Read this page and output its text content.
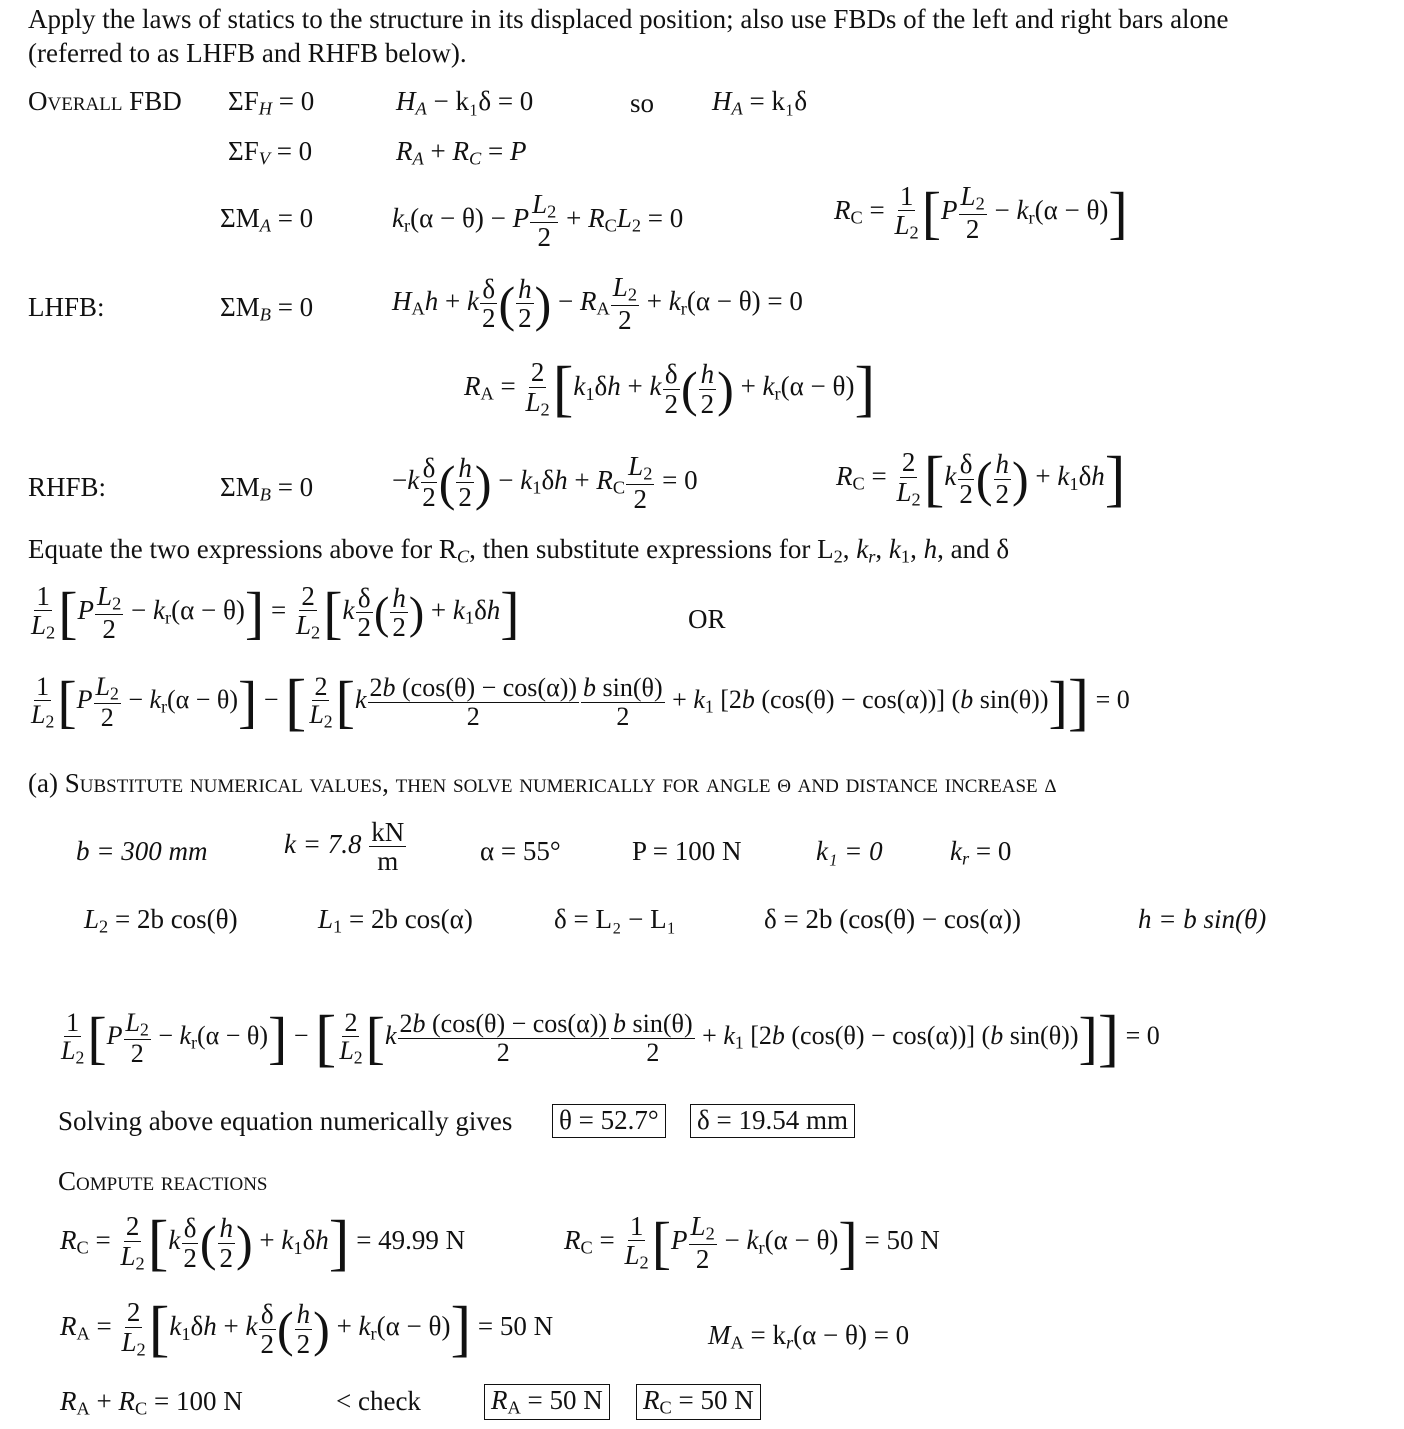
Apply the laws of statics to the structure in its displaced position; also use FBDs of the left and right bars alone
(referred to as LHFB and RHFB below).
Overall FBD $\Sigma F_H = 0$	$H_A - k_1\delta = 0$	so $H_A = k_1\delta$
$\Sigma F_V = 0$	$R_A + R_C = P$
$\Sigma M_A = 0$	$k_r(\alpha - \theta) - P \frac{L_2}{2} + R_CL_2 = 0$	$R_C = \frac{1}{L_2} [P \frac{L_2}{2} - k_r(\alpha - \theta)]$
LHFB:	$\Sigma M_B = 0$	$H_Ah + k \frac{\delta}{2}$ ( $\frac{h}{2}$ ) − $R_A \frac{L_2}{2} + k_r(\alpha - \theta) = 0$
$R_A = \frac{2}{L_2} [k_1\delta h + k \frac{\delta}{2}$ ( $\frac{h}{2}$ ) + $k_r(\alpha - \theta)$]
RHFB:	$\Sigma M_B = 0$	$-k \frac{\delta}{2}$ ( $\frac{h}{2}$ ) − $k_1\delta h + R_C \frac{L_2}{2} = 0$	$R_C = \frac{2}{L_2} [k \frac{\delta}{2}$ ( $\frac{h}{2}$ ) + $k_1\delta h$]
Equate the two expressions above for $R_C$, then substitute expressions for $L_2$, $k_r$, $k_1$, h, and δ
$\frac{1}{L_2} [P \frac{L_2}{2} - k_r(\alpha - \theta)] = \frac{2}{L_2} [k \frac{\delta}{2}$ ( $\frac{h}{2}$ ) + $k_1\delta h$]	OR
$\frac{1}{L_2} [P \frac{L_2}{2} - k_r(\alpha - \theta)]$ − [ $\frac{2}{L_2} [k \frac{2b (\cos(\theta) - \cos(\alpha))}{2} \frac{\text{b sin(θ)}}{2} + k_1$ [2b (cos(θ) − cos(α))] (b sin(θ))]] = 0
(a) Substitute numerical values, then solve numerically for angle θ and distance increase δ
b = 300 mm	$k = 7.8 \frac{kN}{m}$	α = 55°	P = 100 N	k₁ = 0 $k_r = 0$
$L_2 = 2b$ cos(θ)	$L_1 = 2b$ cos(α)	δ = L₂ − L₁	δ = 2b (cos(θ) − cos(α))	h = b sin(θ)
$\frac{1}{L_2} [P \frac{L_2}{2} - k_r(\alpha - \theta)]$ − [ $\frac{2}{L_2} [k \frac{2b (\cos(\theta) - \cos(\alpha))}{2} \frac{\text{b sin(θ)}}{2} + k_1$ [2b (cos(θ) − cos(α))] (b sin(θ))]] = 0
Solving above equation numerically gives θ = 52.7° δ = 19.54 mm
Compute reactions
$R_C = \frac{2}{L_2} [k \frac{\delta}{2}$ ( $\frac{h}{2}$ ) + $k_1\delta h] = 49.99$ N	$R_C = \frac{1}{L_2} [P \frac{L_2}{2} - k_r(\alpha - \theta)] = 50$ N
$R_A = \frac{2}{L_2} [k_1\delta h + k \frac{\delta}{2}$ ( $\frac{h}{2}$ ) + $k_r(\alpha - \theta)] = 50$ N	$M_A = k_r(\alpha - \theta) = 0$
$R_A + R_C = 100$ N	< check	$R_A = 50$ N $R_C = 50$ N
